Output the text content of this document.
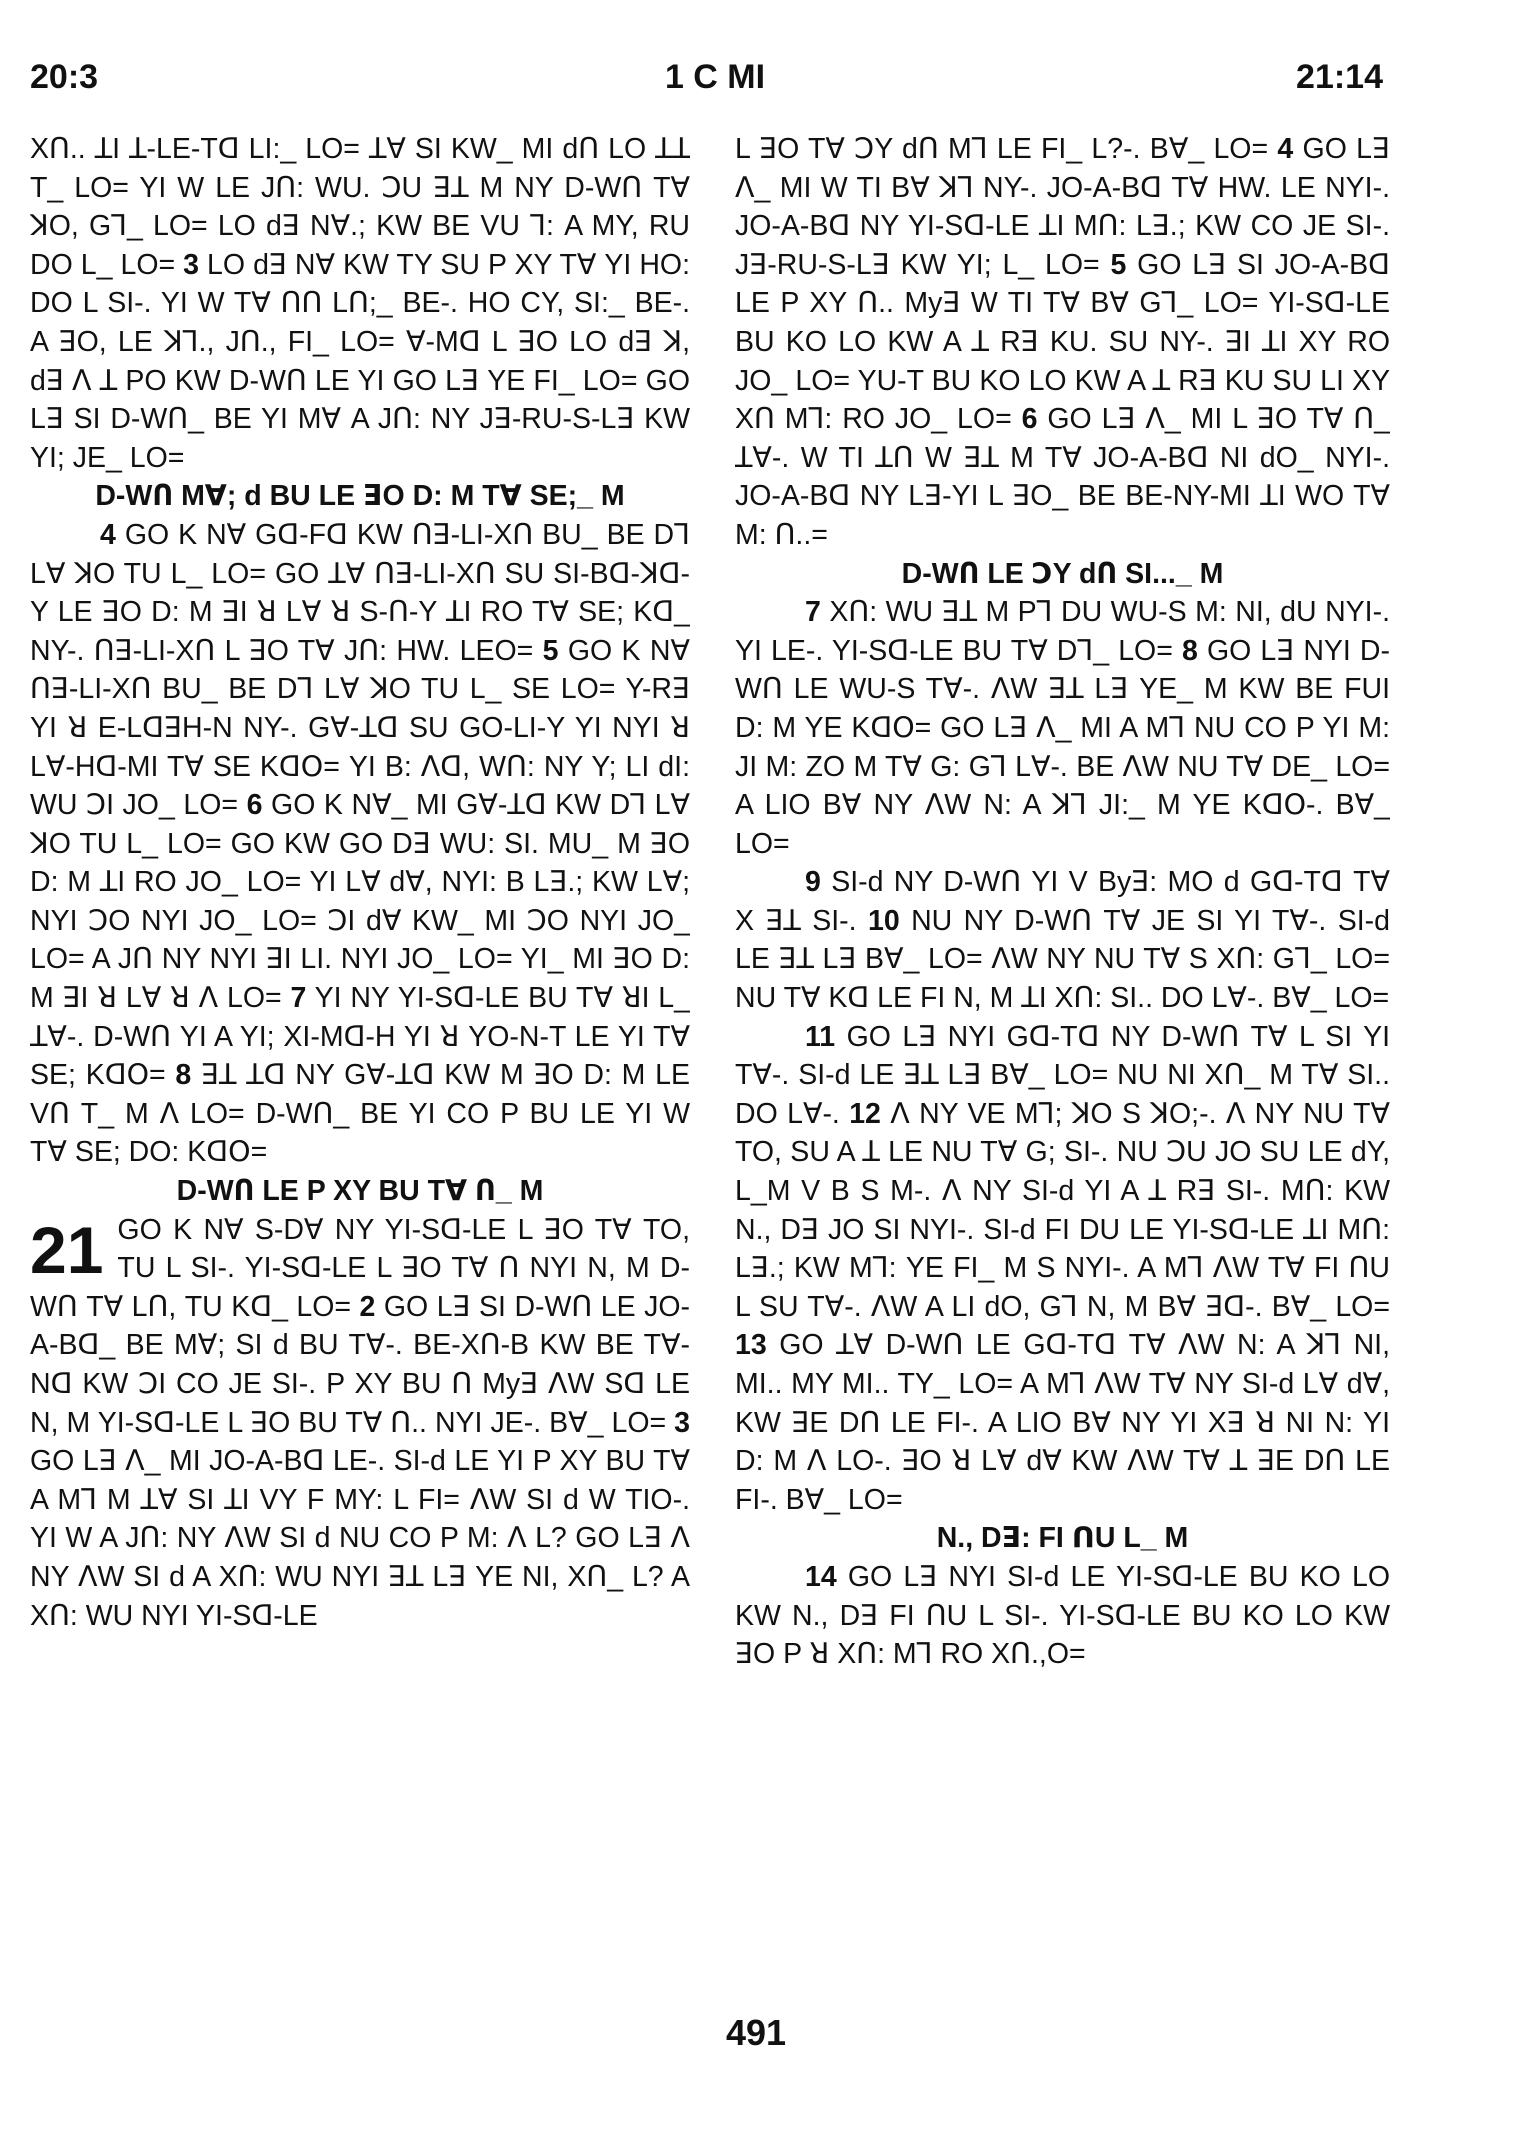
20:3	1 C MI	21:14

XՈ.. ꓕI ꓕ-LE-Tꓷ LI:_ LO= ꓕꓯ SI KW_ MI dՈ LO ꓕꓕ T_ LO= YI W LE JՈ: WU. ꓛU ꓱꓕ M NY D-WՈ Tꓯ ꓘO, Gꓶ_ LO= LO dꓱ Nꓯ.; KW BE VU ꓶ: A MY, RU DO L_ LO= 3 LO dꓱ Nꓯ KW TY SU P XY Tꓯ YI HO: DO L SI-. YI W Tꓯ ꓵՈ LՈ;_ BE-. HO CY, SI:_ BE-. A ꓱO, LE ꓘꓶ., JՈ., FI_ LO= ꓯ-Mꓷ L ꓱO LO dꓱ ꓘ, dꓱ ꓥ ꓕ PO KW D-WՈ LE YI GO Lꓱ YE FI_ LO= GO Lꓱ SI D-WՈ_ BE YI Mꓯ A JՈ: NY Jꓱ-RU-S-Lꓱ KW YI; JE_ LO=

D-WՈ Mꓯ; d BU LE ꓱO D: M Tꓯ SE;_ M

4 GO K Nꓯ Gꓷ-Fꓷ KW ꓵꓱ-LI-XՈ BU_ BE Dꓶ Lꓯ ꓘO TU L_ LO= GO ꓕꓯ ꓵꓱ-LI-XՈ SU SI-Bꓷ-ꓘꓷ-Y LE ꓱO D: M ꓱI ꓤ Lꓯ ꓤ S-ꓵ-Y ꓕI RO Tꓯ SE; Kꓷ_ NY-. ꓵꓱ-LI-XՈ L ꓱO Tꓯ JՈ: HW. LEO= 5 GO K Nꓯ ꓵꓱ-LI-XՈ BU_ BE Dꓶ Lꓯ ꓘO TU L_ SE LO= Y-Rꓱ YI ꓤ E-LꓷꓱH-N NY-. Gꓯ-ꓕꓷ SU GO-LI-Y YI NYI ꓤ Lꓯ-Hꓷ-MI Tꓯ SE Kꓷꓳ= YI B: ꓥꓷ, WՈ: NY Y; LI dI: WU ꓛI JO_ LO= 6 GO K Nꓯ_ MI Gꓯ-ꓕꓷ KW Dꓶ Lꓯ ꓘO TU L_ LO= GO KW GO Dꓱ WU: SI. MU_ M ꓱO D: M ꓕI RO JO_ LO= YI Lꓯ dꓯ, NYI: B Lꓱ.; KW Lꓯ; NYI ꓛO NYI JO_ LO= ꓛI dꓯ KW_ MI ꓛO NYI JO_ LO= A JՈ NY NYI ꓱI LI. NYI JO_ LO= YI_ MI ꓱO D: M ꓱI ꓤ Lꓯ ꓤ ꓥ LO= 7 YI NY YI-Sꓷ-LE BU Tꓯ ꓤI L_ ꓕꓯ-. D-WՈ YI A YI; XI-Mꓷ-H YI ꓤ YO-N-T LE YI Tꓯ SE; Kꓷꓳ= 8 ꓱꓕ ꓕꓷ NY Gꓯ-ꓕꓷ KW M ꓱO D: M LE VՈ T_ M ꓥ LO= D-WՈ_ BE YI CO P BU LE YI W Tꓯ SE; DO: Kꓷꓳ=

D-WՈ LE P XY BU Tꓯ Ո_ M

21 GO K Nꓯ S-Dꓯ NY YI-Sꓷ-LE L ꓱO Tꓯ TO, TU L SI-. YI-Sꓷ-LE L ꓱO Tꓯ Ո NYI N, M D-WՈ Tꓯ LՈ, TU Kꓷ_ LO= 2 GO Lꓱ SI D-WՈ LE JO-A-Bꓷ_ BE Mꓯ; SI d BU Tꓯ-. BE-XՈ-B KW BE Tꓯ-Nꓷ KW ꓛI CO JE SI-. P XY BU Ո Myꓱ ꓥW Sꓷ LE N, M YI-Sꓷ-LE L ꓱO BU Tꓯ Ո.. NYI JE-. Bꓯ_ LO= 3 GO Lꓱ ꓥ_ MI JO-A-Bꓷ LE-. SI-d LE YI P XY BU Tꓯ A Mꓶ M ꓕꓯ SI ꓕI VY F MY: L FI= ꓥW SI d W TIO-. YI W A JՈ: NY ꓥW SI d NU CO P M: ꓥ L? GO Lꓱ ꓥ NY ꓥW SI d A XՈ: WU NYI ꓱꓕ Lꓱ YE NI, XՈ_ L? A XՈ: WU NYI YI-Sꓷ-LE

L ꓱO Tꓯ ꓛY dՈ Mꓶ LE FI_ L?-. Bꓯ_ LO= 4 GO Lꓱ ꓥ_ MI W TI Bꓯ ꓘꓶ NY-. JO-A-Bꓷ Tꓯ HW. LE NYI-. JO-A-Bꓷ NY YI-Sꓷ-LE ꓕI MՈ: Lꓱ.; KW CO JE SI-. Jꓱ-RU-S-Lꓱ KW YI; L_ LO= 5 GO Lꓱ SI JO-A-Bꓷ LE P XY Ո.. Myꓱ W TI Tꓯ Bꓯ Gꓶ_ LO= YI-Sꓷ-LE BU KO LO KW A ꓕ Rꓱ KU. SU NY-. ꓱI ꓕI XY RO JO_ LO= YU-T BU KO LO KW A ꓕ Rꓱ KU SU LI XY XՈ Mꓶ: RO JO_ LO= 6 GO Lꓱ ꓥ_ MI L ꓱO Tꓯ Ո_ ꓕꓯ-. W TI ꓕՈ W ꓱꓕ M Tꓯ JO-A-Bꓷ NI dO_ NYI-. JO-A-Bꓷ NY Lꓱ-YI L ꓱO_ BE BE-NY-MI ꓕI WO Tꓯ M: Ո..=

D-WՈ LE ꓛY dՈ SI..._ M

7 XՈ: WU ꓱꓕ M Pꓶ DU WU-S M: NI, dU NYI-. YI LE-. YI-Sꓷ-LE BU Tꓯ Dꓶ_ LO= 8 GO Lꓱ NYI D-WՈ LE WU-S Tꓯ-. ꓥW ꓱꓕ Lꓱ YE_ M KW BE FUI D: M YE Kꓷꓳ= GO Lꓱ ꓥ_ MI A Mꓶ NU CO P YI M: JI M: ZO M Tꓯ G: Gꓶ Lꓯ-. BE ꓥW NU Tꓯ DE_ LO= A LIO Bꓯ NY ꓥW N: A ꓘꓶ JI:_ M YE Kꓷꓳ-. Bꓯ_ LO=

9 SI-d NY D-WՈ YI V Byꓱ: MO d Gꓷ-Tꓷ Tꓯ X ꓱꓕ SI-. 10 NU NY D-WՈ Tꓯ JE SI YI Tꓯ-. SI-d LE ꓱꓕ Lꓱ Bꓯ_ LO= ꓥW NY NU Tꓯ S XՈ: Gꓶ_ LO= NU Tꓯ Kꓷ LE FI N, M ꓕI XՈ: SI.. DO Lꓯ-. Bꓯ_ LO=

11 GO Lꓱ NYI Gꓷ-Tꓷ NY D-WՈ Tꓯ L SI YI Tꓯ-. SI-d LE ꓱꓕ Lꓱ Bꓯ_ LO= NU NI XՈ_ M Tꓯ SI.. DO Lꓯ-. 12 ꓥ NY VE Mꓶ; ꓘO S ꓘO;-. ꓥ NY NU Tꓯ TO, SU A ꓕ LE NU Tꓯ G; SI-. NU ꓛU JO SU LE dY, L_M V B S M-. ꓥ NY SI-d YI A ꓕ Rꓱ SI-. MՈ: KW N., Dꓱ JO SI NYI-. SI-d FI DU LE YI-Sꓷ-LE ꓕI MՈ: Lꓱ.; KW Mꓶ: YE FI_ M S NYI-. A Mꓶ ꓥW Tꓯ FI ꓵU L SU Tꓯ-. ꓥW A LI dO, Gꓶ N, M Bꓯ ꓱꓷ-. Bꓯ_ LO= 13 GO ꓕꓯ D-WՈ LE Gꓷ-Tꓷ Tꓯ ꓥW N: A ꓘꓶ NI, MI.. MY MI.. TY_ LO= A Mꓶ ꓥW Tꓯ NY SI-d Lꓯ dꓯ, KW ꓱE DՈ LE FI-. A LIO Bꓯ NY YI Xꓱ ꓤ NI N: YI D: M ꓥ LO-. ꓱO ꓤ Lꓯ dꓯ KW ꓥW Tꓯ ꓕ ꓱE DՈ LE FI-. Bꓯ_ LO=

N., Dꓱ: FI ꓵU L_ M

14 GO Lꓱ NYI SI-d LE YI-Sꓷ-LE BU KO LO KW N., Dꓱ FI ꓵU L SI-. YI-Sꓷ-LE BU KO LO KW ꓱO P ꓤ XՈ: Mꓶ RO XՈ.,O=

491
